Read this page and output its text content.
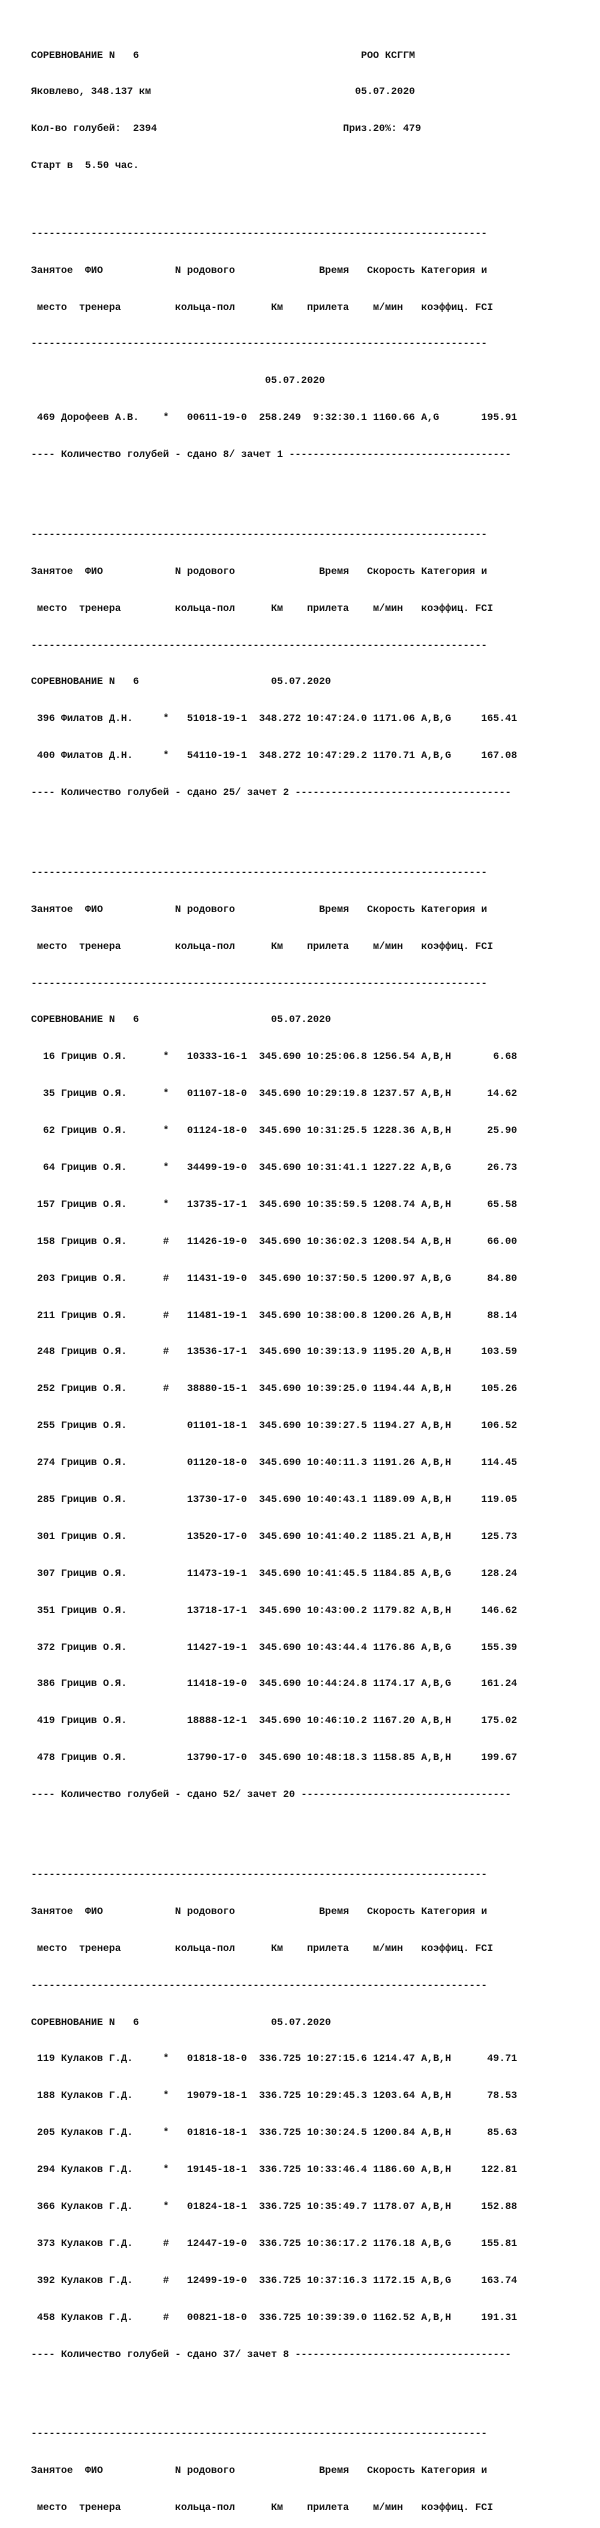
СОРЕВНОВАНИЕ N   6                                     РОО КСГГМ

Яковлево, 348.137 км                                  05.07.2020

Кол-во голубей:  2394                               Приз.20%: 479

Старт в  5.50 час.

----------------------------------------------------------------------------

Занятое  ФИО            N родового              Время   Скорость Категория и

место  тренера         кольца-пол      Км    прилета    м/мин   коэффиц. FCI

----------------------------------------------------------------------------

05.07.2020

469 Дорофеев А.В.    *   00611-19-0  258.249  9:32:30.1 1160.66 А,G       195.91

---- Количество голубей - сдано 8/ зачет 1 -------------------------------------

----------------------------------------------------------------------------

Занятое  ФИО            N родового              Время   Скорость Категория и

место  тренера         кольца-пол      Км    прилета    м/мин   коэффиц. FCI

----------------------------------------------------------------------------

СОРЕВНОВАНИЕ N   6                      05.07.2020

396 Филатов Д.Н.     *   51018-19-1  348.272 10:47:24.0 1171.06 А,В,G     165.41

400 Филатов Д.Н.     *   54110-19-1  348.272 10:47:29.2 1170.71 А,В,G     167.08

---- Количество голубей - сдано 25/ зачет 2 ------------------------------------

----------------------------------------------------------------------------

Занятое  ФИО            N родового              Время   Скорость Категория и

место  тренера         кольца-пол      Км    прилета    м/мин   коэффиц. FCI

----------------------------------------------------------------------------

СОРЕВНОВАНИЕ N   6                      05.07.2020

16 Грицив О.Я.      *   10333-16-1  345.690 10:25:06.8 1256.54 А,В,Н       6.68

35 Грицив О.Я.      *   01107-18-0  345.690 10:29:19.8 1237.57 А,В,Н      14.62

62 Грицив О.Я.      *   01124-18-0  345.690 10:31:25.5 1228.36 А,В,Н      25.90

64 Грицив О.Я.      *   34499-19-0  345.690 10:31:41.1 1227.22 А,В,G      26.73

157 Грицив О.Я.      *   13735-17-1  345.690 10:35:59.5 1208.74 А,В,Н      65.58

158 Грицив О.Я.      #   11426-19-0  345.690 10:36:02.3 1208.54 А,В,Н      66.00

203 Грицив О.Я.      #   11431-19-0  345.690 10:37:50.5 1200.97 А,В,G      84.80

211 Грицив О.Я.      #   11481-19-1  345.690 10:38:00.8 1200.26 А,В,Н      88.14

248 Грицив О.Я.      #   13536-17-1  345.690 10:39:13.9 1195.20 А,В,Н     103.59

252 Грицив О.Я.      #   38880-15-1  345.690 10:39:25.0 1194.44 А,В,Н     105.26

255 Грицив О.Я.          01101-18-1  345.690 10:39:27.5 1194.27 А,В,Н     106.52

274 Грицив О.Я.          01120-18-0  345.690 10:40:11.3 1191.26 А,В,Н     114.45

285 Грицив О.Я.          13730-17-0  345.690 10:40:43.1 1189.09 А,В,Н     119.05

301 Грицив О.Я.          13520-17-0  345.690 10:41:40.2 1185.21 А,В,Н     125.73

307 Грицив О.Я.          11473-19-1  345.690 10:41:45.5 1184.85 А,В,G     128.24

351 Грицив О.Я.          13718-17-1  345.690 10:43:00.2 1179.82 А,В,Н     146.62

372 Грицив О.Я.          11427-19-1  345.690 10:43:44.4 1176.86 А,В,G     155.39

386 Грицив О.Я.          11418-19-0  345.690 10:44:24.8 1174.17 А,В,G     161.24

419 Грицив О.Я.          18888-12-1  345.690 10:46:10.2 1167.20 А,В,Н     175.02

478 Грицив О.Я.          13790-17-0  345.690 10:48:18.3 1158.85 А,В,Н     199.67

---- Количество голубей - сдано 52/ зачет 20 -----------------------------------

----------------------------------------------------------------------------

Занятое  ФИО            N родового              Время   Скорость Категория и

место  тренера         кольца-пол      Км    прилета    м/мин   коэффиц. FCI

----------------------------------------------------------------------------

СОРЕВНОВАНИЕ N   6                      05.07.2020

119 Кулаков Г.Д.     *   01818-18-0  336.725 10:27:15.6 1214.47 А,В,Н      49.71

188 Кулаков Г.Д.     *   19079-18-1  336.725 10:29:45.3 1203.64 А,В,Н      78.53

205 Кулаков Г.Д.     *   01816-18-1  336.725 10:30:24.5 1200.84 А,В,Н      85.63

294 Кулаков Г.Д.     *   19145-18-1  336.725 10:33:46.4 1186.60 А,В,Н     122.81

366 Кулаков Г.Д.     *   01824-18-1  336.725 10:35:49.7 1178.07 А,В,Н     152.88

373 Кулаков Г.Д.     #   12447-19-0  336.725 10:36:17.2 1176.18 А,В,G     155.81

392 Кулаков Г.Д.     #   12499-19-0  336.725 10:37:16.3 1172.15 А,В,G     163.74

458 Кулаков Г.Д.     #   00821-18-0  336.725 10:39:39.0 1162.52 А,В,Н     191.31

---- Количество голубей - сдано 37/ зачет 8 ------------------------------------

----------------------------------------------------------------------------

Занятое  ФИО            N родового              Время   Скорость Категория и

место  тренера         кольца-пол      Км    прилета    м/мин   коэффиц. FCI
